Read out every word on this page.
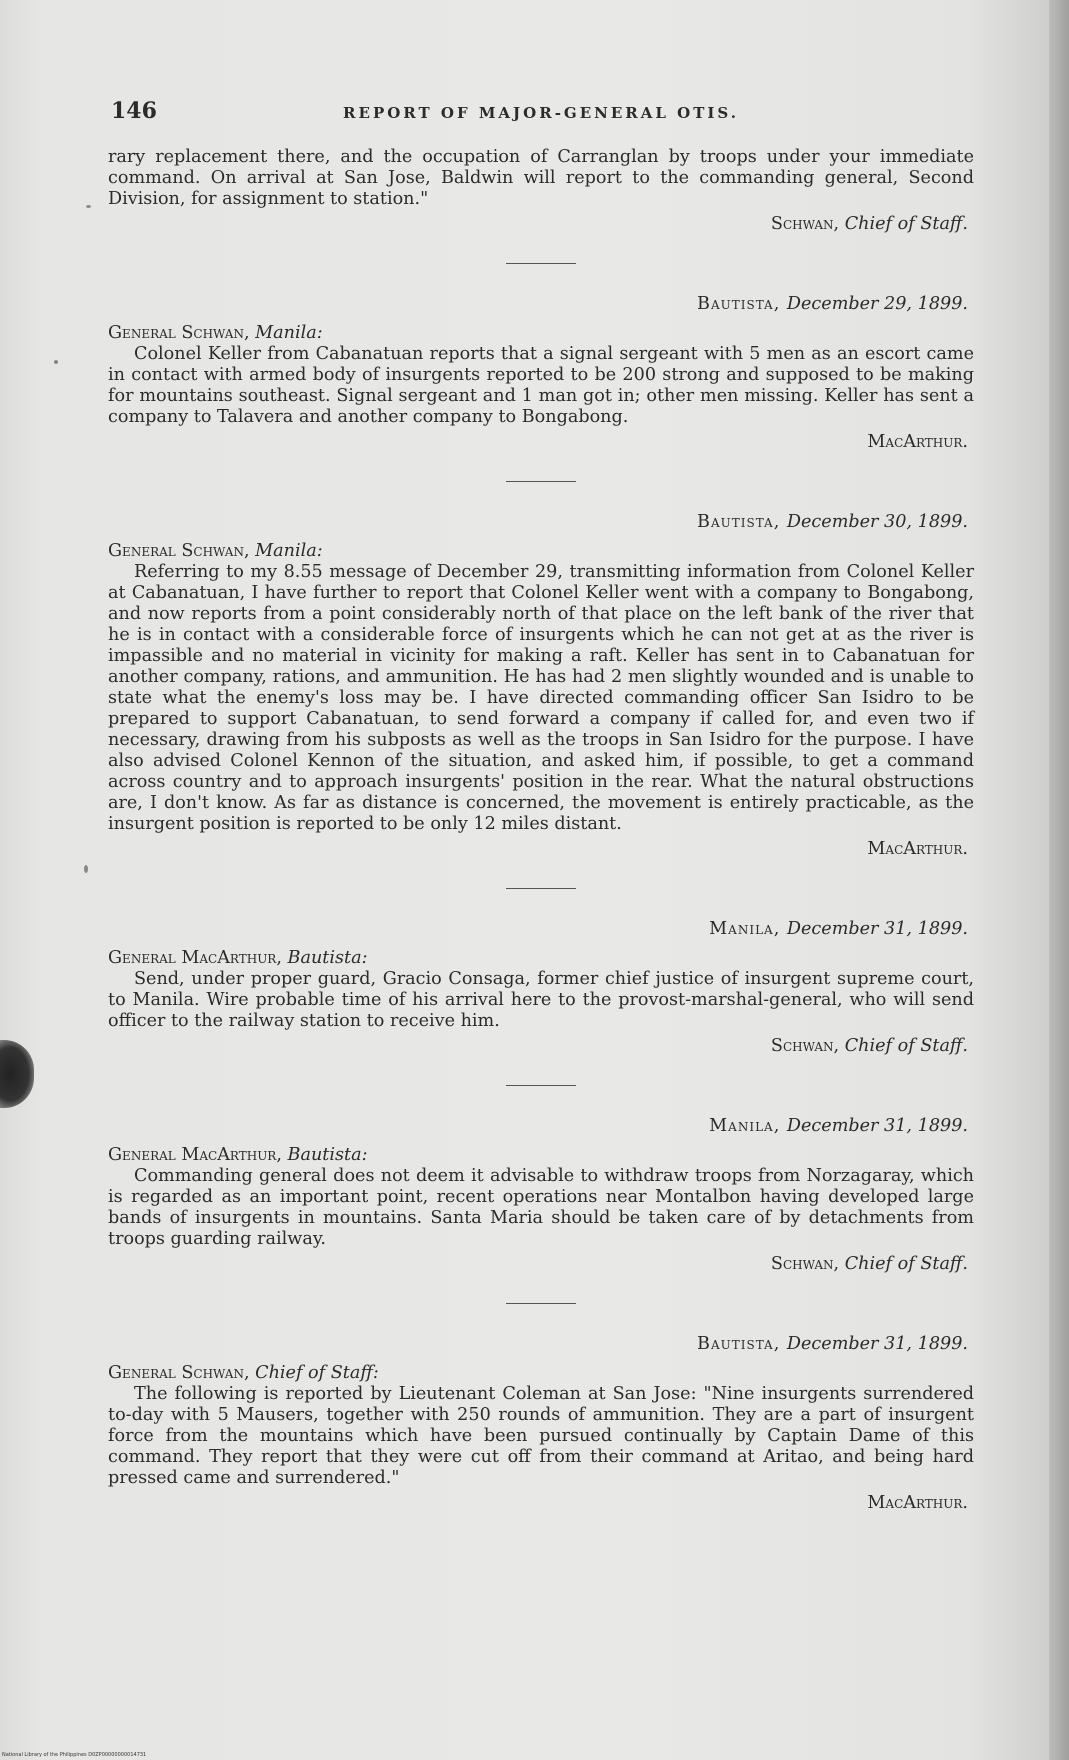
146	REPORT OF MAJOR-GENERAL OTIS.

rary replacement there, and the occupation of Carranglan by troops under your immediate command. On arrival at San Jose, Baldwin will report to the commanding general, Second Division, for assignment to station."

Schwan, Chief of Staff.
Bautista, December 29, 1899.
General Schwan, Manila:

Colonel Keller from Cabanatuan reports that a signal sergeant with 5 men as an escort came in contact with armed body of insurgents reported to be 200 strong and supposed to be making for mountains southeast. Signal sergeant and 1 man got in; other men missing. Keller has sent a company to Talavera and another company to Bongabong.

MacArthur.
Bautista, December 30, 1899.
General Schwan, Manila:

Referring to my 8.55 message of December 29, transmitting information from Colonel Keller at Cabanatuan, I have further to report that Colonel Keller went with a company to Bongabong, and now reports from a point considerably north of that place on the left bank of the river that he is in contact with a considerable force of insurgents which he can not get at as the river is impassible and no material in vicinity for making a raft. Keller has sent in to Cabanatuan for another company, rations, and ammunition. He has had 2 men slightly wounded and is unable to state what the enemy's loss may be. I have directed commanding officer San Isidro to be prepared to support Cabanatuan, to send forward a company if called for, and even two if necessary, drawing from his subposts as well as the troops in San Isidro for the purpose. I have also advised Colonel Kennon of the situation, and asked him, if possible, to get a command across country and to approach insurgents' position in the rear. What the natural obstructions are, I don't know. As far as distance is concerned, the movement is entirely practicable, as the insurgent position is reported to be only 12 miles distant.

MacArthur.
Manila, December 31, 1899.
General MacArthur, Bautista:

Send, under proper guard, Gracio Consaga, former chief justice of insurgent supreme court, to Manila. Wire probable time of his arrival here to the provost-marshal-general, who will send officer to the railway station to receive him.

Schwan, Chief of Staff.
Manila, December 31, 1899.
General MacArthur, Bautista:

Commanding general does not deem it advisable to withdraw troops from Norzagaray, which is regarded as an important point, recent operations near Montalbon having developed large bands of insurgents in mountains. Santa Maria should be taken care of by detachments from troops guarding railway.

Schwan, Chief of Staff.
Bautista, December 31, 1899.
General Schwan, Chief of Staff:

The following is reported by Lieutenant Coleman at San Jose: "Nine insurgents surrendered to-day with 5 Mausers, together with 250 rounds of ammunition. They are a part of insurgent force from the mountains which have been pursued continually by Captain Dame of this command. They report that they were cut off from their command at Aritao, and being hard pressed came and surrendered."

MacArthur.
National Library of the Philippines D0ZP00000000014731
